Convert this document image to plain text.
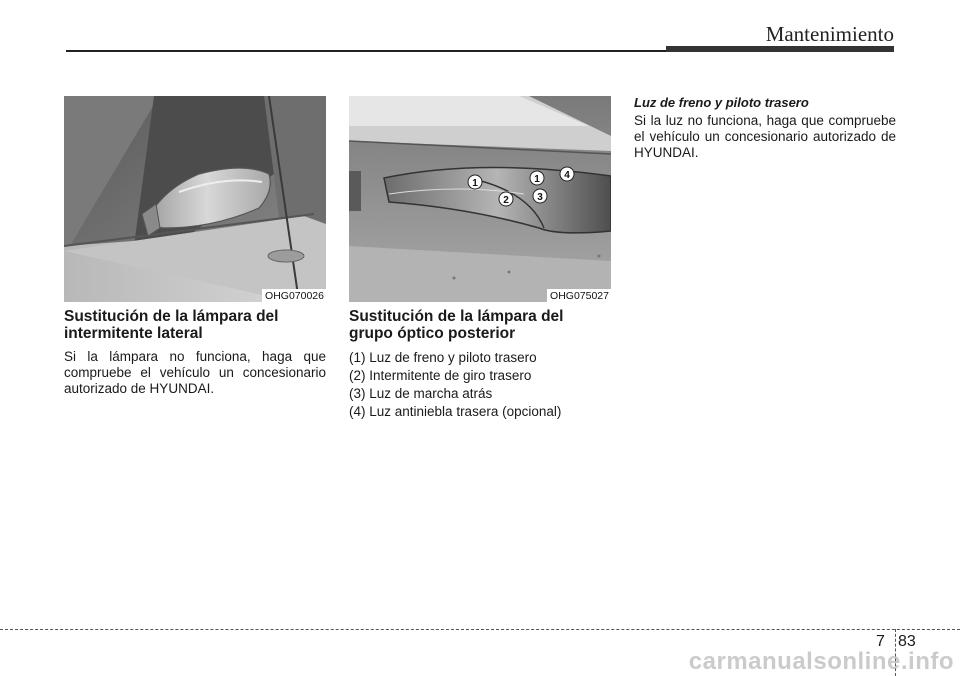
Mantenimiento
OHG070026
1
2
1
3
4
OHG075027
Sustitución de la lámpara del intermitente lateral

Si la lámpara no funciona, haga que compruebe el vehículo un concesionario autorizado de HYUNDAI.

Sustitución de la lámpara del grupo óptico posterior

(1) Luz de freno y piloto trasero

(2) Intermitente de giro trasero

(3) Luz de marcha atrás

(4) Luz antiniebla trasera (opcional)

Luz de freno y piloto trasero

Si la luz no funciona, haga que compruebe el vehículo un concesionario autorizado de HYUNDAI.

7 83
carmanualsonline.info
